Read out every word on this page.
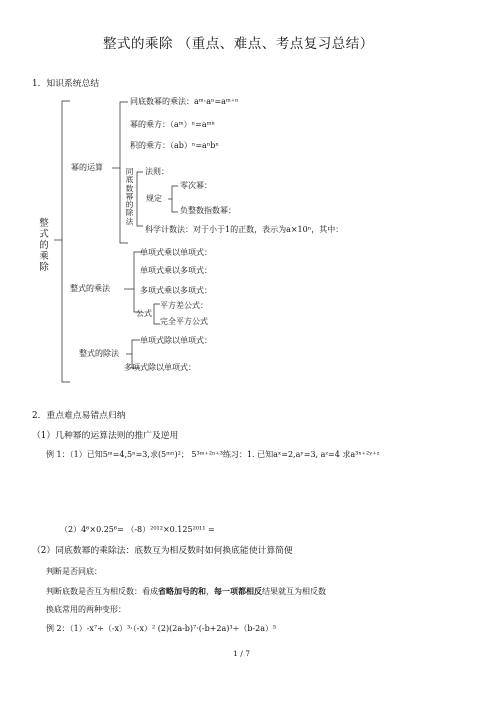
整式的乘除 （重点、难点、考点复习总结）
1．知识系统总结
整式的乘除
幂的运算
同底数幂的乘法：aᵐ·aⁿ=aᵐ⁺ⁿ
幂的乘方：（aᵐ）ⁿ=aᵐⁿ
积的乘方：（ab）ⁿ=aⁿbⁿ
同底数幂的除法
法则：
规定
零次幂：
负整数指数幂：
科学计数法：对于小于1的正数，表示为a×10ⁿ，其中：
整式的乘法
单项式乘以单项式：
单项式乘以多项式：
多项式乘以多项式：
公式
平方差公式：
完全平方公式
整式的除法
单项式除以单项式：
多项式除以单项式：
2．重点难点易错点归纳
（1）几种幂的运算法则的推广及逆用
例 1：（1）已知5ᵐ=4,5ⁿ=3,求(5ᵐⁿ)²； 5³ᵐ⁺²ⁿ⁺³练习：1. 已知aˣ=2,aʸ=3, aᶻ=4 求a³ˣ⁺²ʸ⁺ᶻ
（2）4⁶×0.25⁶= （-8）²⁰¹²×0.125²⁰¹¹ =
（2）同底数幂的乘除法：底数互为相反数时如何换底能使计算简便
判断是否同底：
判断底数是否互为相反数：看成省略加号的和，每一项都相反结果就互为相反数
换底常用的两种变形：
例 2：（1）-x⁷÷（-x）³·（-x）² (2)(2a-b)⁷·(-b+2a)³÷（b-2a）⁵
1 / 7
